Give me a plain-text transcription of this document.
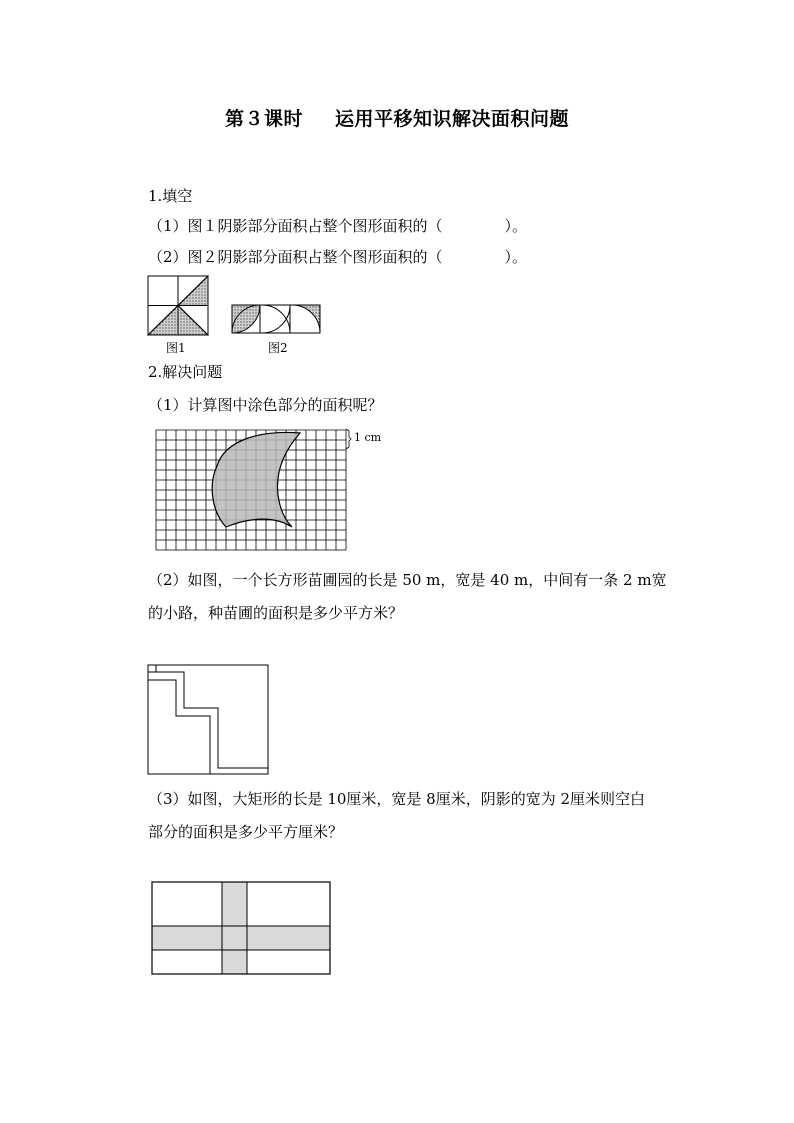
第３课时 运用平移知识解决面积问题
1.填空
（1）图１阴影部分面积占整个图形面积的（	）。
（2）图２阴影部分面积占整个图形面积的（	）。
图1	图2
2.解决问题
（1）计算图中涂色部分的面积呢？
1 cm
（2）如图，一个长方形苗圃园的长是 50 m，宽是 40 m，中间有一条 2 m宽
的小路，种苗圃的面积是多少平方米？
（3）如图，大矩形的长是 10厘米，宽是 8厘米，阴影的宽为 2厘米则空白
部分的面积是多少平方厘米？
